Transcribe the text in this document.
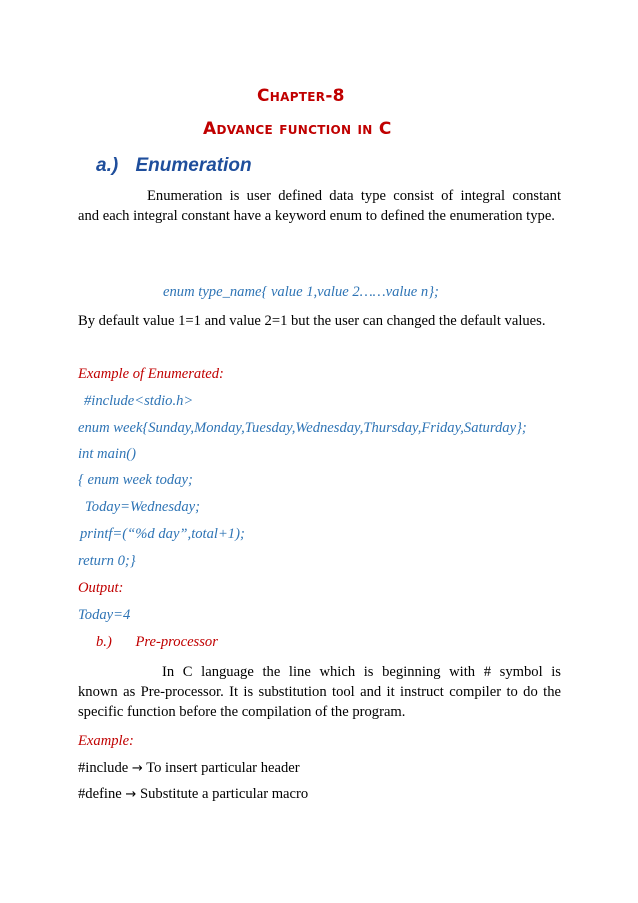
Chapter-8
Advance function in C
a.) Enumeration
Enumeration is user defined data type consist of integral constant
and each integral constant have a keyword enum to defined the enumeration type.
enum type_name{ value 1,value 2……value n};
By default value 1=1 and value 2=1 but the user can changed the default values.
Example of Enumerated:
#include<stdio.h>
enum week{Sunday,Monday,Tuesday,Wednesday,Thursday,Friday,Saturday};
int main()
{ enum week today;
Today=Wednesday;
printf=(“%d day”,total+1);
return 0;}
Output:
Today=4
b.) Pre-processor
In C language the line which is beginning with # symbol is
known as Pre-processor. It is substitution tool and it instruct compiler to do the specific function before the compilation of the program.
Example:
#include → To insert particular header
#define → Substitute a particular macro
